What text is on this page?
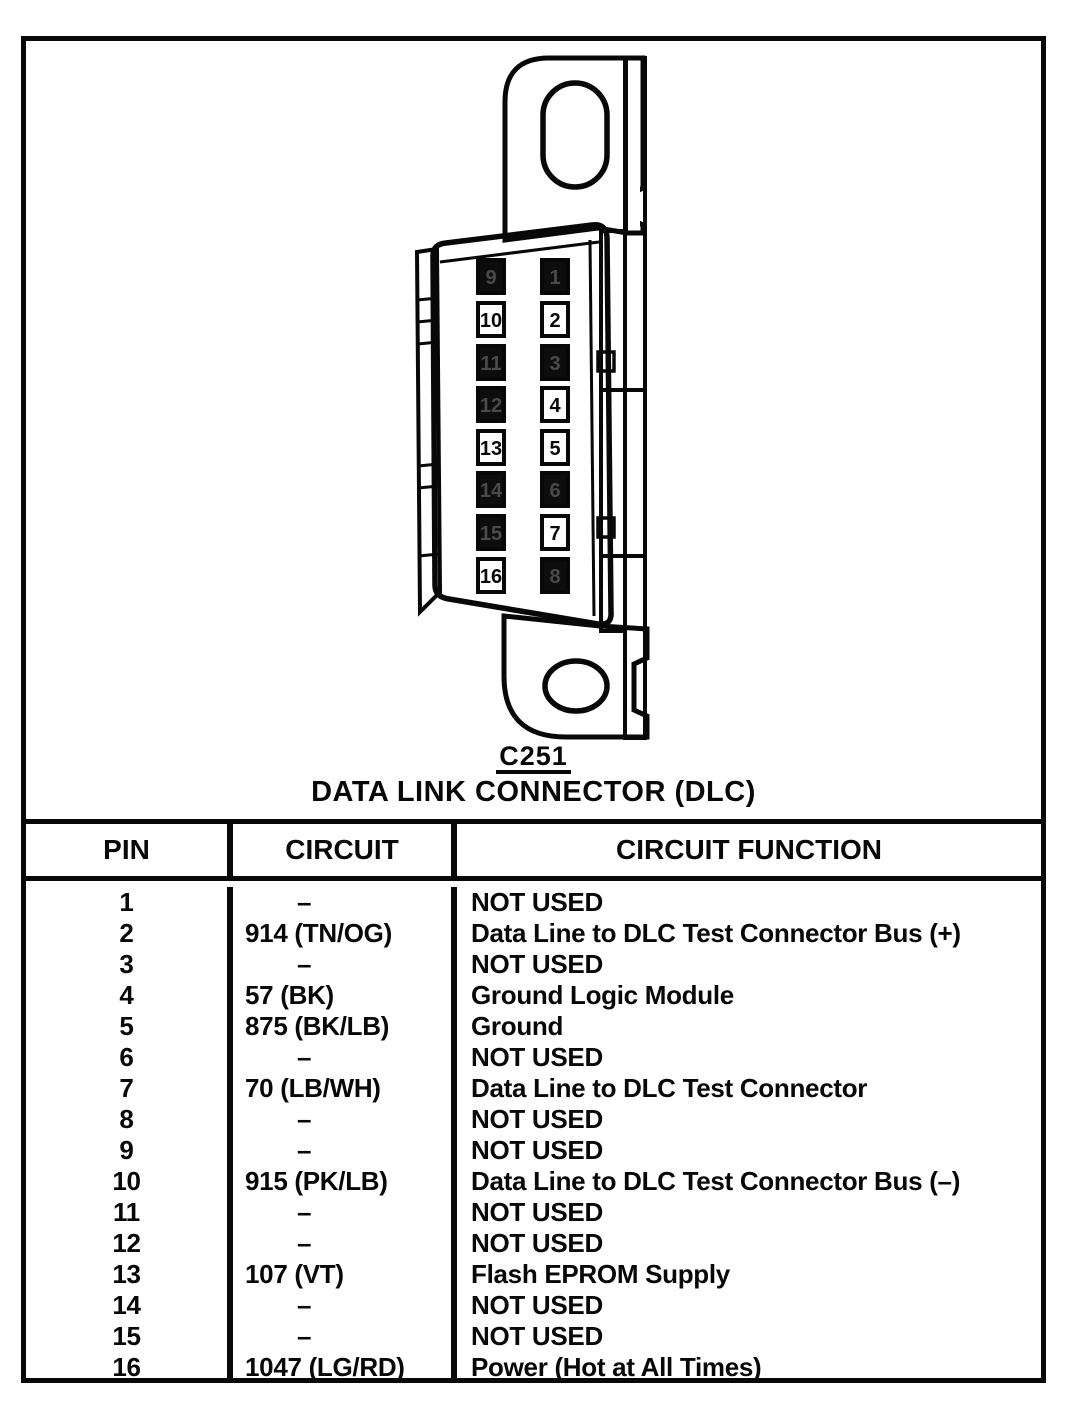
9
10
11
12
13
14
15
16
1
2
3
4
5
6
7
8
C251
DATA LINK CONNECTOR (DLC)
PIN	CIRCUIT	CIRCUIT FUNCTION
1	–	NOT USED
2	914 (TN/OG)	Data Line to DLC Test Connector Bus (+)
3	–	NOT USED
4	57 (BK)	Ground Logic Module
5	875 (BK/LB)	Ground
6	–	NOT USED
7	70 (LB/WH)	Data Line to DLC Test Connector
8	–	NOT USED
9	–	NOT USED
10	915 (PK/LB)	Data Line to DLC Test Connector Bus (–)
11	–	NOT USED
12	–	NOT USED
13	107 (VT)	Flash EPROM Supply
14	–	NOT USED
15	–	NOT USED
16	1047 (LG/RD)	Power (Hot at All Times)
